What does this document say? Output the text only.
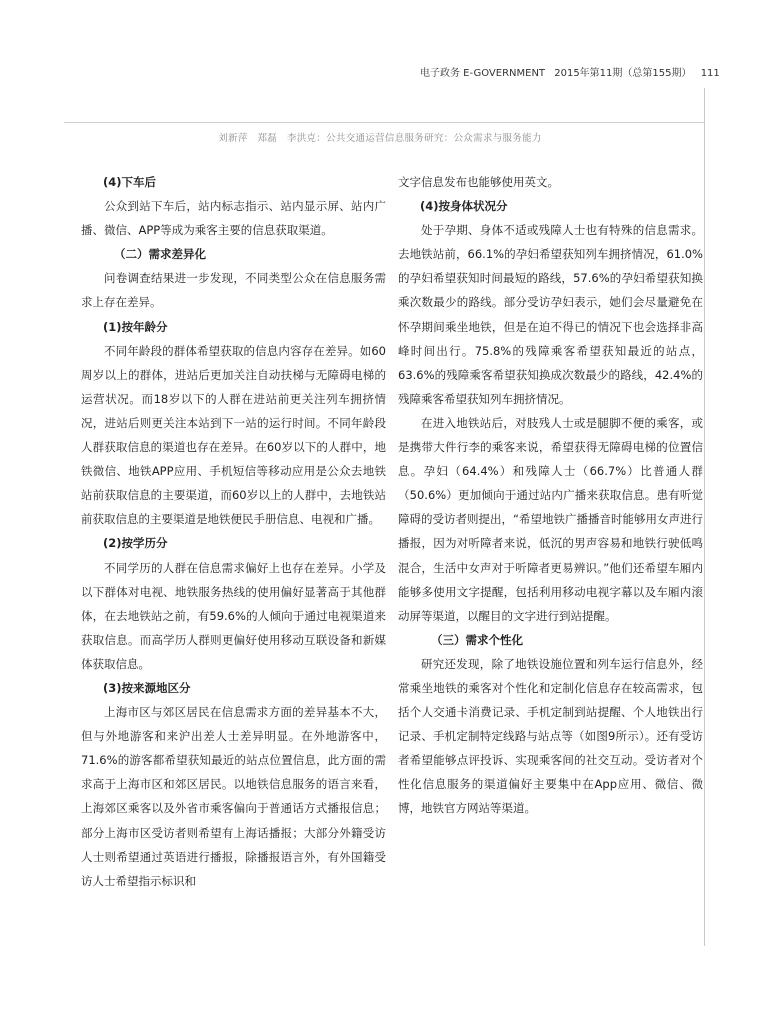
电子政务 E-GOVERNMENT 2015年第11期（总第155期） 111
刘新萍　郑磊　李洪克：公共交通运营信息服务研究：公众需求与服务能力

(4)下车后

公众到站下车后，站内标志指示、站内显示屏、站内广播、微信、APP等成为乘客主要的信息获取渠道。

（二）需求差异化

问卷调查结果进一步发现，不同类型公众在信息服务需求上存在差异。

(1)按年龄分

不同年龄段的群体希望获取的信息内容存在差异。如60周岁以上的群体，进站后更加关注自动扶梯与无障碍电梯的运营状况。而18岁以下的人群在进站前更关注列车拥挤情况，进站后则更关注本站到下一站的运行时间。不同年龄段人群获取信息的渠道也存在差异。在60岁以下的人群中，地铁微信、地铁APP应用、手机短信等移动应用是公众去地铁站前获取信息的主要渠道，而60岁以上的人群中，去地铁站前获取信息的主要渠道是地铁便民手册信息、电视和广播。

(2)按学历分

不同学历的人群在信息需求偏好上也存在差异。小学及以下群体对电视、地铁服务热线的使用偏好显著高于其他群体，在去地铁站之前，有59.6%的人倾向于通过电视渠道来获取信息。而高学历人群则更偏好使用移动互联设备和新媒体获取信息。

(3)按来源地区分

上海市区与郊区居民在信息需求方面的差异基本不大，但与外地游客和来沪出差人士差异明显。在外地游客中，71.6%的游客都希望获知最近的站点位置信息，此方面的需求高于上海市区和郊区居民。以地铁信息服务的语言来看，上海郊区乘客以及外省市乘客偏向于普通话方式播报信息；部分上海市区受访者则希望有上海话播报；大部分外籍受访人士则希望通过英语进行播报，除播报语言外，有外国籍受访人士希望指示标识和

文字信息发布也能够使用英文。

(4)按身体状况分

处于孕期、身体不适或残障人士也有特殊的信息需求。去地铁站前，66.1%的孕妇希望获知列车拥挤情况，61.0%的孕妇希望获知时间最短的路线，57.6%的孕妇希望获知换乘次数最少的路线。部分受访孕妇表示，她们会尽量避免在怀孕期间乘坐地铁，但是在迫不得已的情况下也会选择非高峰时间出行。75.8%的残障乘客希望获知最近的站点，63.6%的残障乘客希望获知换成次数最少的路线，42.4%的残障乘客希望获知列车拥挤情况。

在进入地铁站后，对肢残人士或是腿脚不便的乘客，或是携带大件行李的乘客来说，希望获得无障碍电梯的位置信息。孕妇（64.4%）和残障人士（66.7%）比普通人群（50.6%）更加倾向于通过站内广播来获取信息。患有听觉障碍的受访者则提出，“希望地铁广播播音时能够用女声进行播报，因为对听障者来说，低沉的男声容易和地铁行驶低鸣混合，生活中女声对于听障者更易辨识。”他们还希望车厢内能够多使用文字提醒，包括利用移动电视字幕以及车厢内滚动屏等渠道，以醒目的文字进行到站提醒。

（三）需求个性化

研究还发现，除了地铁设施位置和列车运行信息外，经常乘坐地铁的乘客对个性化和定制化信息存在较高需求，包括个人交通卡消费记录、手机定制到站提醒、个人地铁出行记录、手机定制特定线路与站点等（如图9所示）。还有受访者希望能够点评投诉、实现乘客间的社交互动。受访者对个性化信息服务的渠道偏好主要集中在App应用、微信、微博，地铁官方网站等渠道。
